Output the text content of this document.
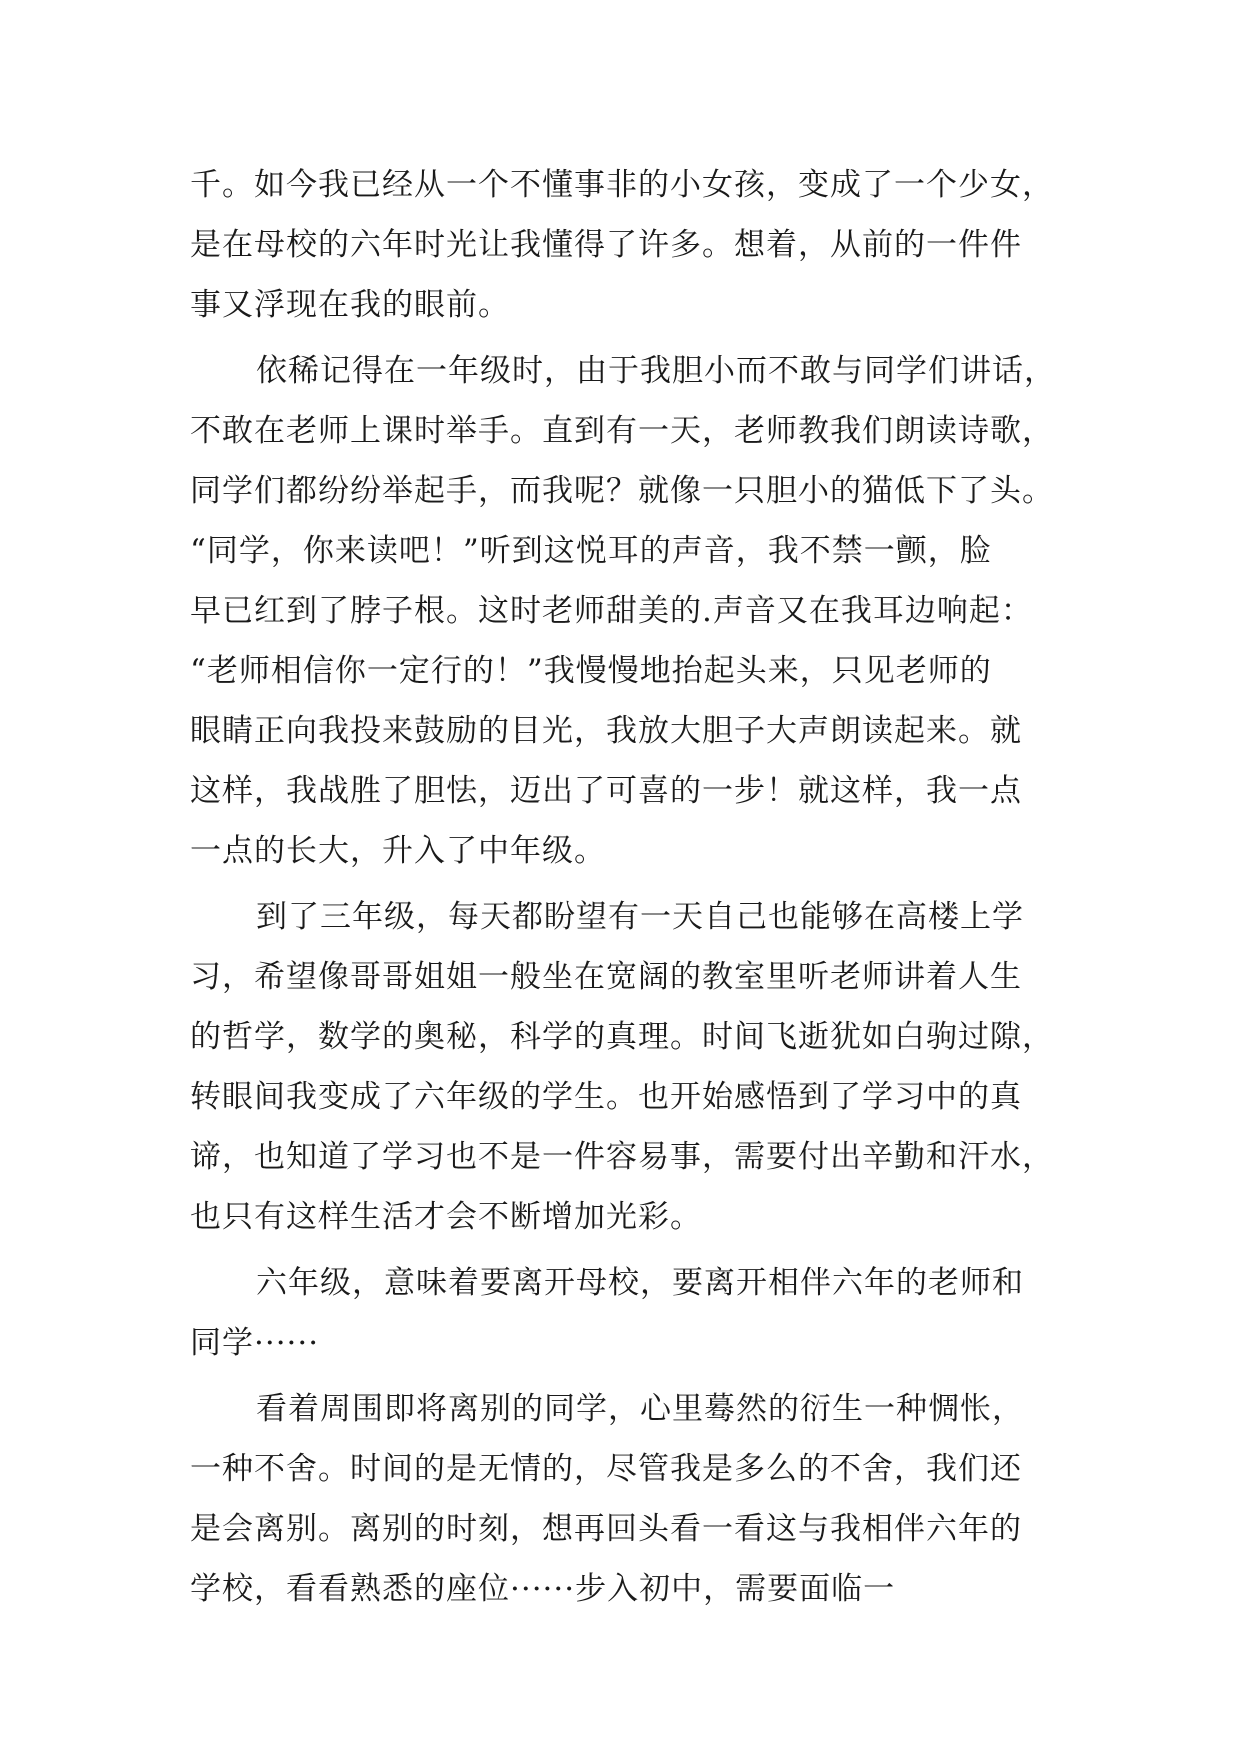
千。如今我已经从一个不懂事非的小女孩，变成了一个少女，
是在母校的六年时光让我懂得了许多。想着，从前的一件件
事又浮现在我的眼前。
依稀记得在一年级时，由于我胆小而不敢与同学们讲话，
不敢在老师上课时举手。直到有一天，老师教我们朗读诗歌，
同学们都纷纷举起手，而我呢？就像一只胆小的猫低下了头。
“同学，你来读吧！”听到这悦耳的声音，我不禁一颤，脸
早已红到了脖子根。这时老师甜美的.声音又在我耳边响起：
“老师相信你一定行的！”我慢慢地抬起头来，只见老师的
眼睛正向我投来鼓励的目光，我放大胆子大声朗读起来。就
这样，我战胜了胆怯，迈出了可喜的一步！就这样，我一点
一点的长大，升入了中年级。
到了三年级，每天都盼望有一天自己也能够在高楼上学
习，希望像哥哥姐姐一般坐在宽阔的教室里听老师讲着人生
的哲学，数学的奥秘，科学的真理。时间飞逝犹如白驹过隙，
转眼间我变成了六年级的学生。也开始感悟到了学习中的真
谛，也知道了学习也不是一件容易事，需要付出辛勤和汗水，
也只有这样生活才会不断增加光彩。
六年级，意味着要离开母校，要离开相伴六年的老师和
同学······
看着周围即将离别的同学，心里蓦然的衍生一种惆怅，
一种不舍。时间的是无情的，尽管我是多么的不舍，我们还
是会离别。离别的时刻，想再回头看一看这与我相伴六年的
学校，看看熟悉的座位······步入初中，需要面临一
